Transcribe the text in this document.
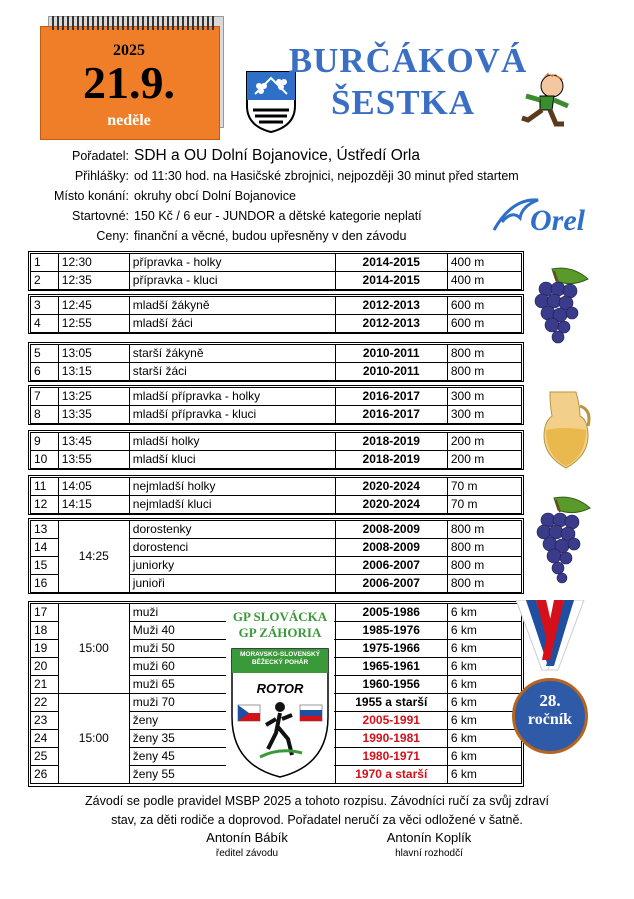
2025
21.9.
neděle
BURČÁKOVÁ
ŠESTKA
Pořadatel: SDH a OU Dolní Bojanovice, Ústředí Orla
Přihlášky: od 11:30 hod. na Hasičské zbrojnici, nejpozději 30 minut před startem
Místo konání: okruhy obcí Dolní Bojanovice
Startovné: 150 Kč / 6 eur - JUNDOR a dětské kategorie neplatí
Ceny: finanční a věcné, budou upřesněny v den závodu	Orel
1	12:30	přípravka - holky	2014-2015	400 m
2	12:35	přípravka - kluci	2014-2015	400 m
3	12:45	mladší žákyně	2012-2013	600 m
4	12:55	mladší žáci	2012-2013	600 m
5	13:05	starší žákyně	2010-2011	800 m
6	13:15	starší žáci	2010-2011	800 m
7	13:25	mladší přípravka - holky	2016-2017	300 m
8	13:35	mladší přípravka - kluci	2016-2017	300 m
9	13:45	mladší holky	2018-2019	200 m
10	13:55	mladší kluci	2018-2019	200 m
11	14:05	nejmladší holky	2020-2024	70 m
12	14:15	nejmladší kluci	2020-2024	70 m
13	14:25	dorostenky	2008-2009	800 m
14		dorostenci	2008-2009	800 m
15		juniorky	2006-2007	800 m
16		junioři	2006-2007	800 m
17	15:00	muži	2005-1986	6 km
18		Muži 40	1985-1976	6 km
19		muži 50	1975-1966	6 km
20		muži 60	1965-1961	6 km
21		muži 65	1960-1956	6 km
22	15:00	muži 70	1955 a starší	6 km
23		ženy	2005-1991	6 km
24		ženy 35	1990-1981	6 km
25		ženy 45	1980-1971	6 km
26		ženy 55	1970 a starší	6 km
GP SLOVÁCKA
GP ZÁHORIA
MORAVSKO-SLOVENSKÝ BĚŽECKÝ POHÁR
ROTOR
28.
ročník
Závodí se podle pravidel MSBP 2025 a tohoto rozpisu. Závodníci ručí za svůj zdraví
stav, za děti rodiče a doprovod. Pořadatel neručí za věci odložené v šatně.
Antonín Bábík
ředitel závodu
Antonín Koplík
hlavní rozhodčí
